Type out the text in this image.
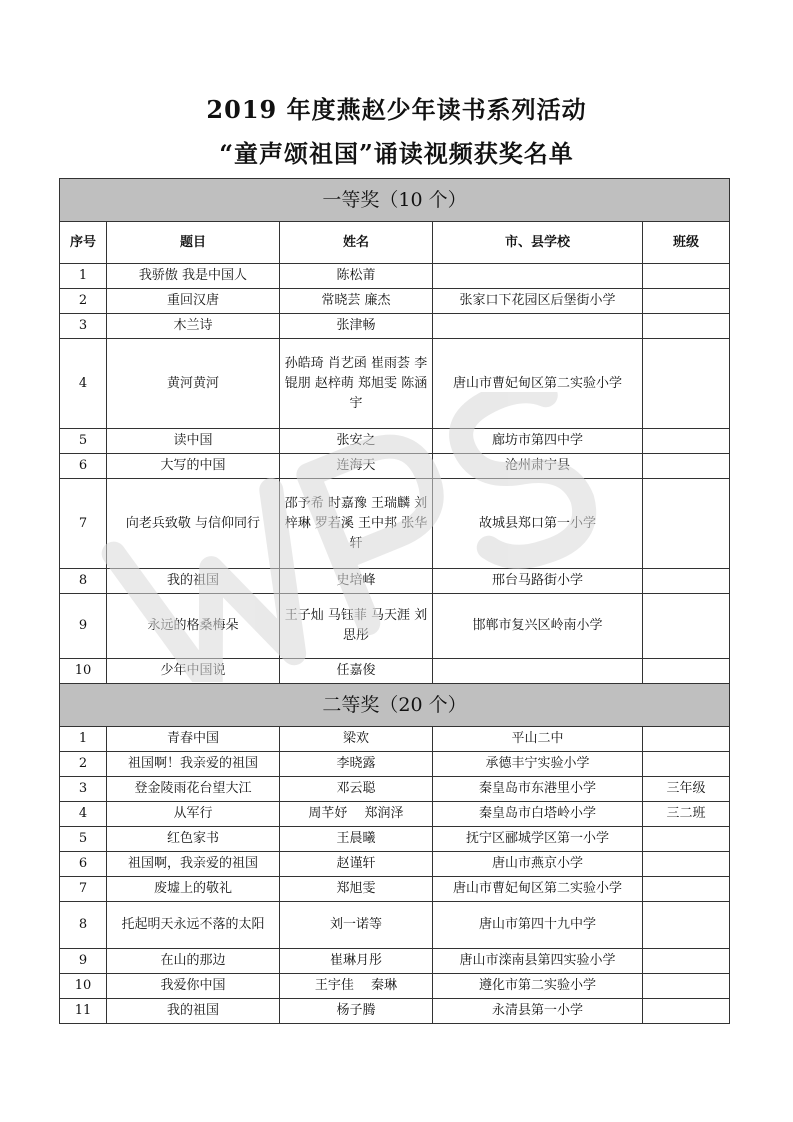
2019 年度燕赵少年读书系列活动
“童声颂祖国”诵读视频获奖名单
一等奖（10 个）				
序号	题目	姓名	市、县学校	班级
1	我骄傲 我是中国人	陈松莆		
2	重回汉唐	常晓芸 廉杰	张家口下花园区后堡街小学	
3	木兰诗	张津畅		
4	黄河黄河	孙皓琦 肖艺函 崔雨荟 李锟朋 赵梓萌 郑旭雯 陈涵宇	唐山市曹妃甸区第二实验小学	
5	读中国	张安之	廊坊市第四中学	
6	大写的中国	连海天	沧州肃宁县	
7	向老兵致敬 与信仰同行	邵予希 时嘉豫 王瑞麟 刘梓琳 罗若溪 王中邦 张华轩	故城县郑口第一小学	
8	我的祖国	史培峰	邢台马路街小学	
9	永远的格桑梅朵	王子灿 马钰菲 马天涯 刘思彤	邯郸市复兴区岭南小学	
10	少年中国说	任嘉俊		
二等奖（20 个）				
1	青春中国	梁欢	平山二中	
2	祖国啊！我亲爱的祖国	李晓露	承德丰宁实验小学	
3	登金陵雨花台望大江	邓云聪	秦皇岛市东港里小学	三年级
4	从军行	周芊妤　 郑润泽	秦皇岛市白塔岭小学	三二班
5	红色家书	王晨曦	抚宁区郦城学区第一小学	
6	祖国啊，我亲爱的祖国	赵谨轩	唐山市燕京小学	
7	废墟上的敬礼	郑旭雯	唐山市曹妃甸区第二实验小学	
8	托起明天永远不落的太阳	刘一诺等	唐山市第四十九中学	
9	在山的那边	崔琳月彤	唐山市滦南县第四实验小学	
10	我爱你中国	王宇佳　 秦琳	遵化市第二实验小学	
11	我的祖国	杨子腾	永清县第一小学	
